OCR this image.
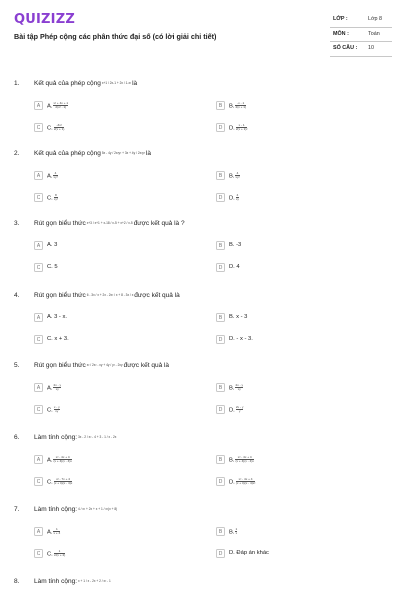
QUIZIZZ
Bài tập Phép cộng các phân thức đại số (có lời giải chi tiết)
LỚP :	Lớp 8
MÔN :	Toán
SỐ CÂU : 10
1. Kết quả của phép cộngx+1 / 2x-1 + 2x / 1-x²là
A	$A.\frac{\text{x² + 4x + 1}}{\text{2(x² - 1)}}$	B	$B.\frac{-x - 1}{2(x + 1)}$
C	$C.\frac{\text{-3x²}}{2(x + 1)}$	D	$D.\frac{x - 1}{\text{2(x + 1)²}}$
2. Kết quả của phép cộng5x - 4y / 2x²y³ + 3x + 4y / 2x²y³là
A	$A.\frac{4}{\text{xy³}}$	B	$B.\frac{4}{\text{xy²}}$
C	$C.\frac{8}{\text{xy³}}$	D	$D.\frac{4}{xy}$
3. Rút gọn biểu thứcx+3 / x+1 + x-18 / x-5 + x+2 / x-5được kết quả là ?
A	A. 3	B	B. -3
C	C. 5	D	D. 4
4. Rút gọn biểu thức6 - 3x / x + 2x - 2x² / x + 8 - 3x / xđược kết quả là
A	A. 3 - x.	B	B. x - 3
C	C. x + 3.	D	D. - x - 3.
5. Rút gọn biểu thứcx² / 2x² - xy + 4y / y² - 2xyđược kết quả là
A	$A.\frac{2x - y}{xy}$	B	$B.\frac{2x - y}{xy}$
C	$C.\frac{x - y}{xy}$	D	$D.\frac{2x - y}{y}$
6. Làm tính cộng:3x - 2 / x² - 4 + 3 - 1 / x - 2x
A	$A.\frac{\text{x² - 4x + 4}}{(x + 4)(x - 4)x}$	B	$B.\frac{\text{x² - 4x + 4}}{(x + 4)(x - 4)x}$
C	$C.\frac{\text{x² - 7x + 4}}{(x + 4)(x - 4)x}$	D	$D.\frac{\text{x² - 4x + 4}}{\text{(x + 4)(x - 4)x²}}$
7. Làm tính cộng:4 / x² + 2x + x + 1 / x²(x + 8)
A	$A.\frac{1}{x + 3}$	B	$B.\frac{1}{x}$
C	$C.\frac{1}{\text{x²(x + 2)}}$	D	D. Đáp án khác
8. Làm tính cộng:x + 1 / x - 2x + 2 / x² - 1
